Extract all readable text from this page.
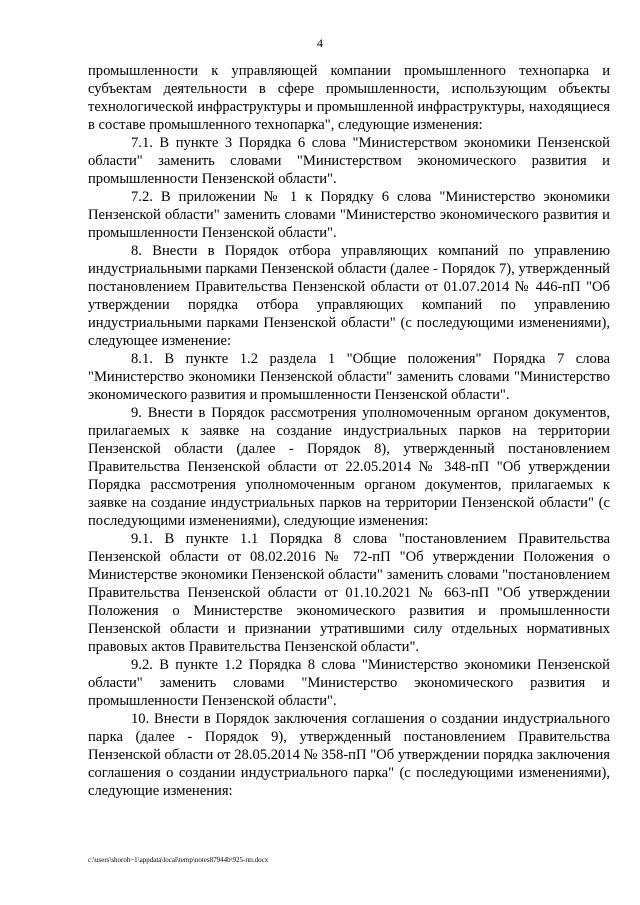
4

промышленности к управляющей компании промышленного технопарка и субъектам деятельности в сфере промышленности, использующим объекты технологической инфраструктуры и промышленной инфраструктуры, находящиеся в составе промышленного технопарка", следующие изменения:

7.1. В пункте 3 Порядка 6 слова "Министерством экономики Пензенской области" заменить словами "Министерством экономического развития и промышленности Пензенской области".

7.2. В приложении № 1 к Порядку 6 слова "Министерство экономики Пензенской области" заменить словами "Министерство экономического развития и промышленности Пензенской области".

8. Внести в Порядок отбора управляющих компаний по управлению индустриальными парками Пензенской области (далее - Порядок 7), утвержденный постановлением Правительства Пензенской области от 01.07.2014 № 446-пП "Об утверждении порядка отбора управляющих компаний по управлению индустриальными парками Пензенской области" (с последующими изменениями), следующее изменение:

8.1. В пункте 1.2 раздела 1 "Общие положения" Порядка 7 слова "Министерство экономики Пензенской области" заменить словами "Министерство экономического развития и промышленности Пензенской области".

9. Внести в Порядок рассмотрения уполномоченным органом документов, прилагаемых к заявке на создание индустриальных парков на территории Пензенской области (далее - Порядок 8), утвержденный постановлением Правительства Пензенской области от 22.05.2014 № 348-пП "Об утверждении Порядка рассмотрения уполномоченным органом документов, прилагаемых к заявке на создание индустриальных парков на территории Пензенской области" (с последующими изменениями), следующие изменения:

9.1. В пункте 1.1 Порядка 8 слова "постановлением Правительства Пензенской области от 08.02.2016 № 72-пП "Об утверждении Положения о Министерстве экономики Пензенской области" заменить словами "постановлением Правительства Пензенской области от 01.10.2021 № 663-пП "Об утверждении Положения о Министерстве экономического развития и промышленности Пензенской области и признании утратившими силу отдельных нормативных правовых актов Правительства Пензенской области".

9.2. В пункте 1.2 Порядка 8 слова "Министерство экономики Пензенской области" заменить словами "Министерство экономического развития и промышленности Пензенской области".

10. Внести в Порядок заключения соглашения о создании индустриального парка (далее - Порядок 9), утвержденный постановлением Правительства Пензенской области от 28.05.2014 № 358-пП "Об утверждении порядка заключения соглашения о создании индустриального парка" (с последующими изменениями), следующие изменения:

c:\users\shoroh~1\appdata\local\temp\notes87944b\925-пп.docx
